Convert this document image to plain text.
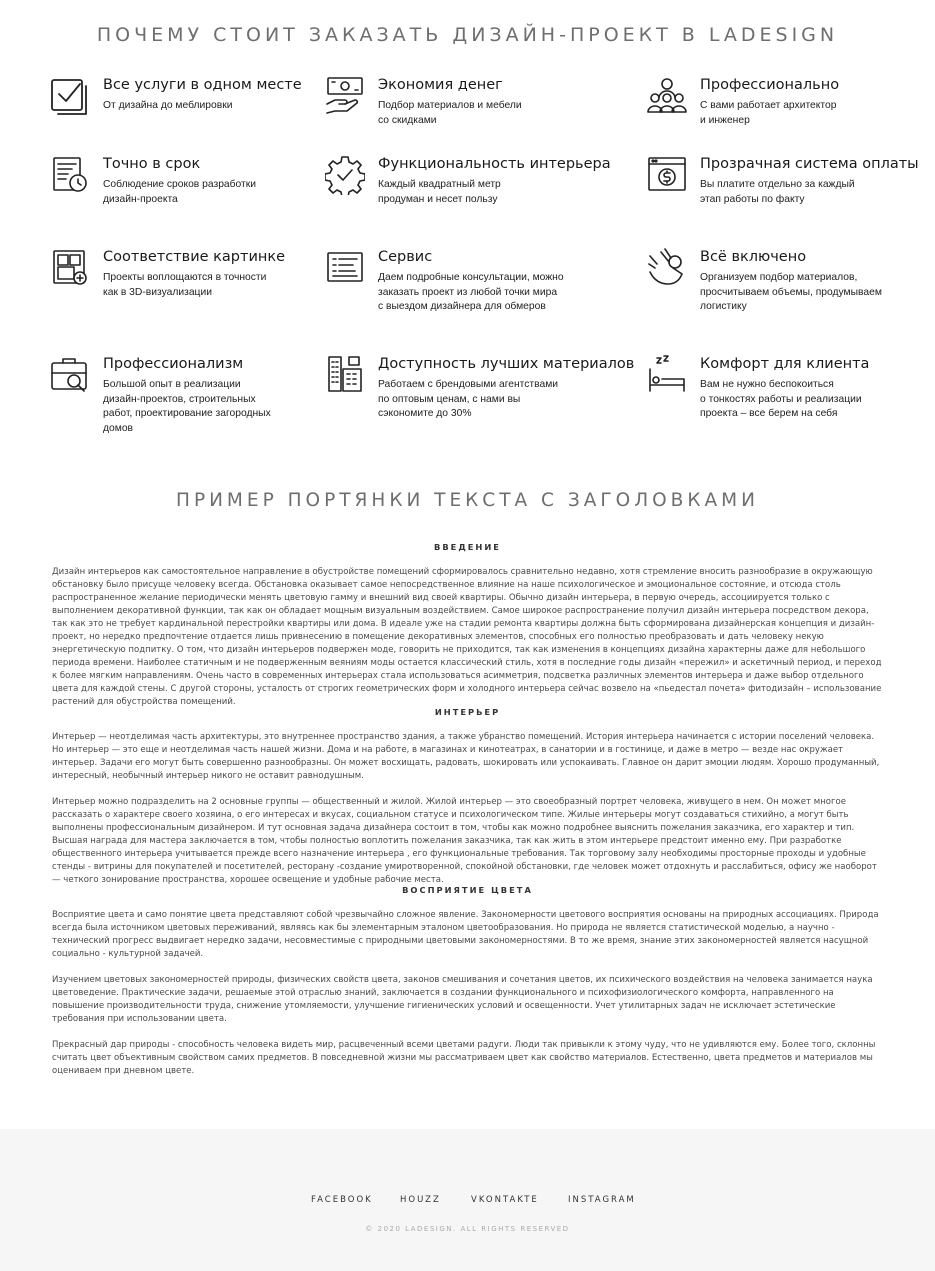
ПОЧЕМУ СТОИТ ЗАКАЗАТЬ ДИЗАЙН-ПРОЕКТ В LADESIGN
Все услуги в одном месте
От дизайна до меблировки
Экономия денег
Подбор материалов и мебели
со скидками
Профессионально
С вами работает архитектор
и инженер
Точно в срок
Соблюдение сроков разработки
дизайн-проекта
Функциональность интерьера
Каждый квадратный метр
продуман и несет пользу
Прозрачная система оплаты
Вы платите отдельно за каждый
этап работы по факту
Соответствие картинке
Проекты воплощаются в точности
как в 3D-визуализации
Сервис
Даем подробные консультации, можно
заказать проект из любой точки мира
с выездом дизайнера для обмеров
Всё включено
Организуем подбор материалов,
просчитываем объемы, продумываем
логистику
Профессионализм
Большой опыт в реализации
дизайн-проектов, строительных
работ, проектирование загородных
домов
Доступность лучших материалов
Работаем с брендовыми агентствами
по оптовым ценам, с нами вы
сэкономите до 30%
Комфорт для клиента
Вам не нужно беспокоиться
о тонкостях работы и реализации
проекта – все берем на себя
ПРИМЕР ПОРТЯНКИ ТЕКСТА С ЗАГОЛОВКАМИ
ВВЕДЕНИЕ

Дизайн интерьеров как самостоятельное направление в обустройстве помещений сформировалось сравнительно недавно, хотя стремление вносить разнообразие в окружающую обстановку было присуще человеку всегда. Обстановка оказывает самое непосредственное влияние на наше психологическое и эмоциональное состояние, и отсюда столь распространенное желание периодически менять цветовую гамму и внешний вид своей квартиры. Обычно дизайн интерьера, в первую очередь, ассоциируется только с выполнением декоративной функции, так как он обладает мощным визуальным воздействием. Самое широкое распространение получил дизайн интерьера посредством декора, так как это не требует кардинальной перестройки квартиры или дома. В идеале уже на стадии ремонта квартиры должна быть сформирована дизайнерская концепция и дизайн-проект, но нередко предпочтение отдается лишь привнесению в помещение декоративных элементов, способных его полностью преобразовать и дать человеку некую энергетическую подпитку. О том, что дизайн интерьеров подвержен моде, говорить не приходится, так как изменения в концепциях дизайна характерны даже для небольшого периода времени. Наиболее статичным и не подверженным веяниям моды остается классический стиль, хотя в последние годы дизайн «пережил» и аскетичный период, и переход к более мягким направлениям. Очень часто в современных интерьерах стала использоваться асимметрия, подсветка различных элементов интерьера и даже выбор отдельного цвета для каждой стены. С другой стороны, усталость от строгих геометрических форм и холодного интерьера сейчас возвело на «пьедестал почета» фитодизайн – использование растений для обустройства помещений.

ИНТЕРЬЕР

Интерьер — неотделимая часть архитектуры, это внутреннее пространство здания, а также убранство помещений. История интерьера начинается с истории поселений человека. Но интерьер — это еще и неотделимая часть нашей жизни. Дома и на работе, в магазинах и кинотеатрах, в санатории и в гостинице, и даже в метро — везде нас окружает интерьер. Задачи его могут быть совершенно разнообразны. Он может восхищать, радовать, шокировать или успокаивать. Главное он дарит эмоции людям. Хорошо продуманный, интересный, необычный интерьер никого не оставит равнодушным.

Интерьер можно подразделить на 2 основные группы — общественный и жилой. Жилой интерьер — это своеобразный портрет человека, живущего в нем. Он может многое рассказать о характере своего хозяина, о его интересах и вкусах, социальном статусе и психологическом типе. Жилые интерьеры могут создаваться стихийно, а могут быть выполнены профессиональным дизайнером. И тут основная задача дизайнера состоит в том, чтобы как можно подробнее выяснить пожелания заказчика, его характер и тип. Высшая награда для мастера заключается в том, чтобы полностью воплотить пожелания заказчика, так как жить в этом интерьере предстоит именно ему. При разработке общественного интерьера учитывается прежде всего назначение интерьера , его функциональные требования. Так торговому залу необходимы просторные проходы и удобные стенды - витрины для покупателей и посетителей, ресторану -создание умиротворенной, спокойной обстановки, где человек может отдохнуть и расслабиться, офису же наоборот — четкого зонирование пространства, хорошее освещение и удобные рабочие места.

ВОСПРИЯТИЕ ЦВЕТА

Восприятие цвета и само понятие цвета представляют собой чрезвычайно сложное явление. Закономерности цветового восприятия основаны на природных ассоциациях. Природа всегда была источником цветовых переживаний, являясь как бы элементарным эталоном цветообразования. Но природа не является статистической моделью, а научно - технический прогресс выдвигает нередко задачи, несовместимые с природными цветовыми закономерностями. В то же время, знание этих закономерностей является насущной социально - культурной задачей.

Изучением цветовых закономерностей природы, физических свойств цвета, законов смешивания и сочетания цветов, их психического воздействия на человека занимается наука цветоведение. Практические задачи, решаемые этой отраслью знаний, заключается в создании функционального и психофизиологического комфорта, направленного на повышение производительности труда, снижение утомляемости, улучшение гигиенических условий и освещенности. Учет утилитарных задач не исключает эстетические требования при использовании цвета.

Прекрасный дар природы - способность человека видеть мир, расцвеченный всеми цветами радуги. Люди так привыкли к этому чуду, что не удивляются ему. Более того, склонны считать цвет объективным свойством самих предметов. В повседневной жизни мы рассматриваем цвет как свойство материалов. Естественно, цвета предметов и материалов мы оцениваем при дневном цвете.

FACEBOOK	HOUZZ	VKONTAKTE	INSTAGRAM
© 2020 LADESIGN. ALL RIGHTS RESERVED
